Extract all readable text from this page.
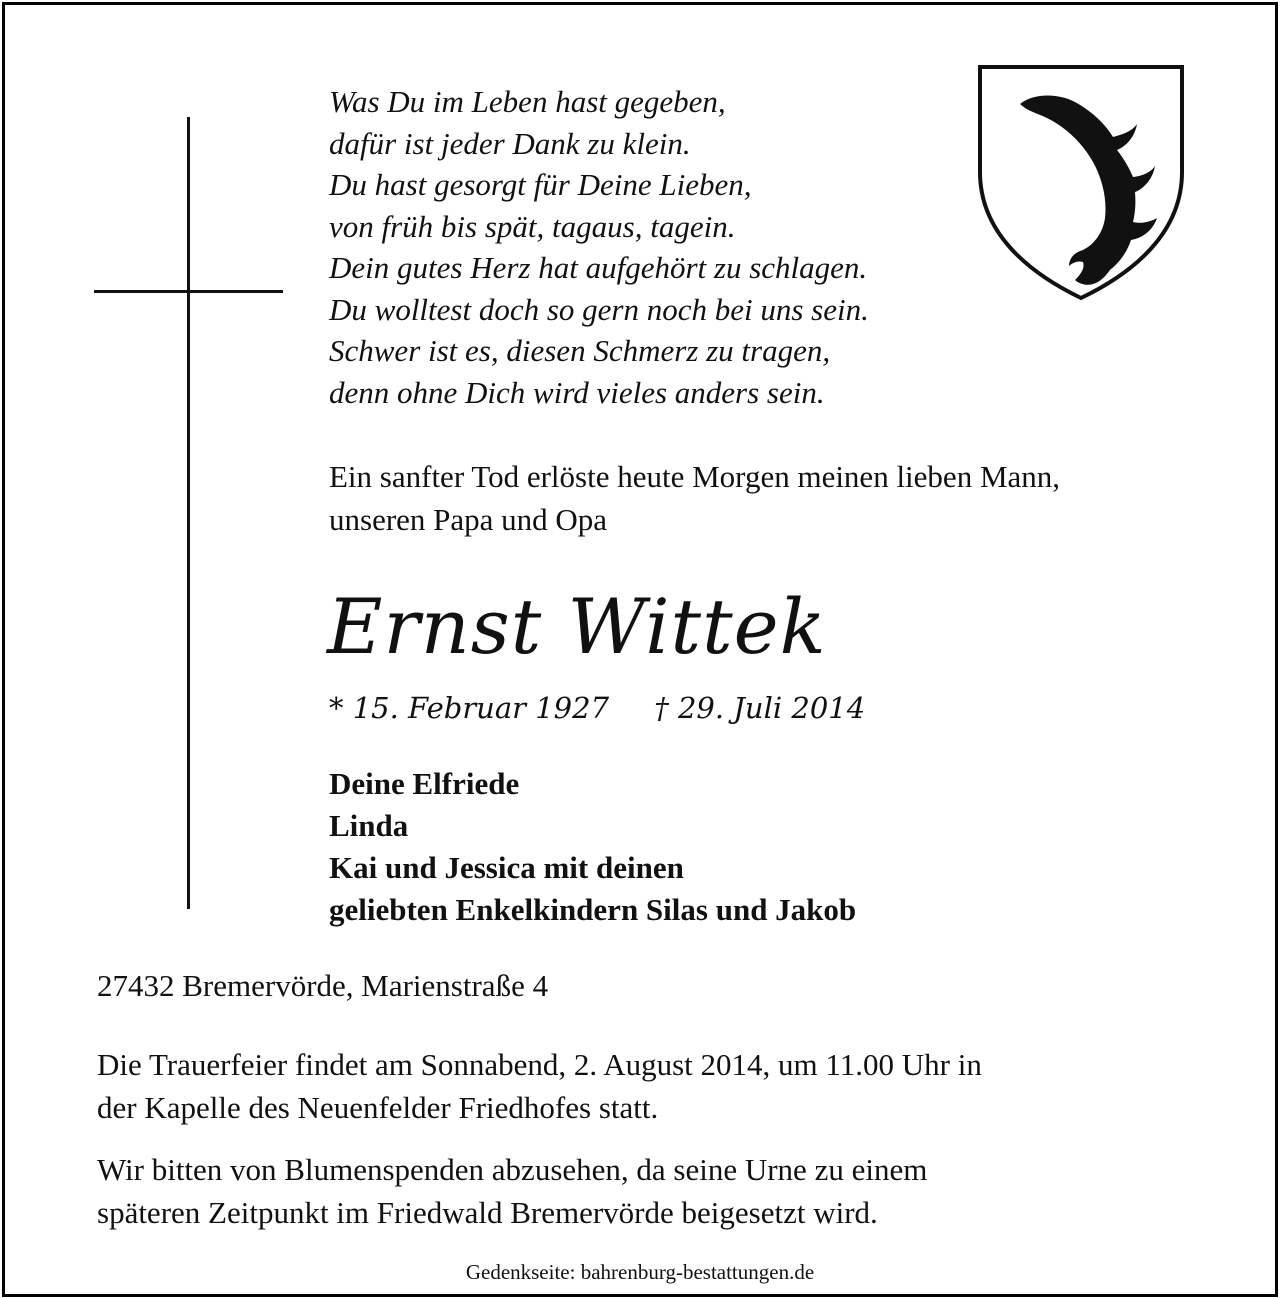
Was Du im Leben hast gegeben,
dafür ist jeder Dank zu klein.
Du hast gesorgt für Deine Lieben,
von früh bis spät, tagaus, tagein.
Dein gutes Herz hat aufgehört zu schlagen.
Du wolltest doch so gern noch bei uns sein.
Schwer ist es, diesen Schmerz zu tragen,
denn ohne Dich wird vieles anders sein.
Ein sanfter Tod erlöste heute Morgen meinen lieben Mann,
unseren Papa und Opa
Ernst Wittek
* 15. Februar 1927 † 29. Juli 2014
Deine Elfriede
Linda
Kai und Jessica mit deinen
geliebten Enkelkindern Silas und Jakob
27432 Bremervörde, Marienstraße 4
Die Trauerfeier findet am Sonnabend, 2. August 2014, um 11.00 Uhr in
der Kapelle des Neuenfelder Friedhofes statt.
Wir bitten von Blumenspenden abzusehen, da seine Urne zu einem
späteren Zeitpunkt im Friedwald Bremervörde beigesetzt wird.
Gedenkseite: bahrenburg-bestattungen.de
